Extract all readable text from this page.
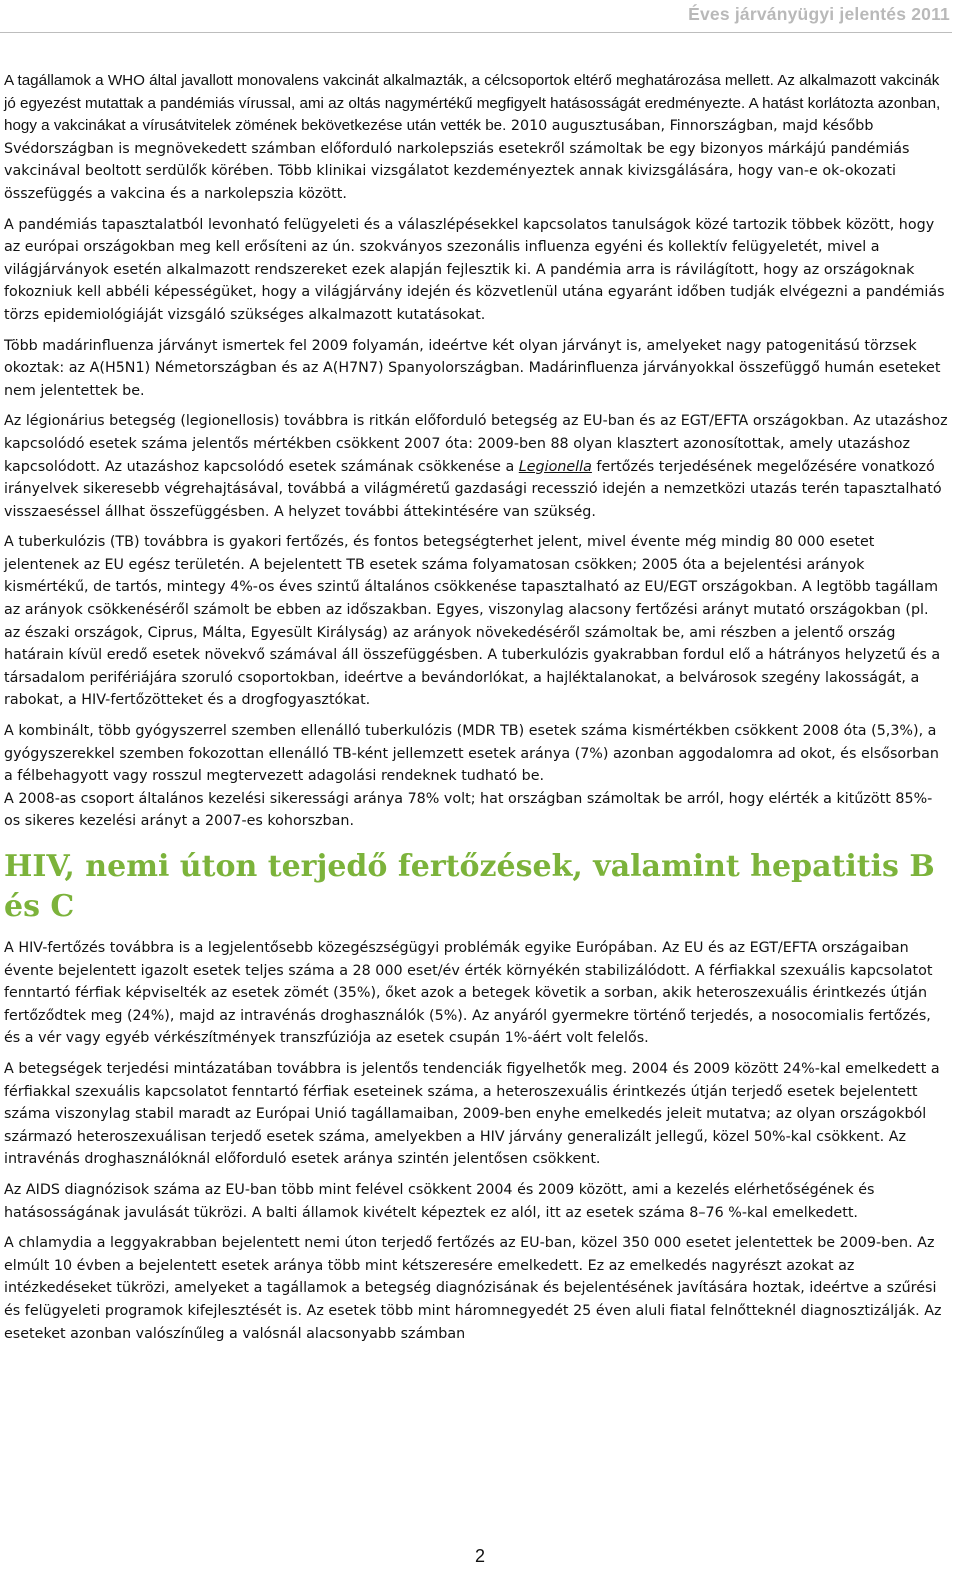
Éves járványügyi jelentés 2011

A tagállamok a WHO által javallott monovalens vakcinát alkalmazták, a célcsoportok eltérő meghatározása mellett. Az alkalmazott vakcinák jó egyezést mutattak a pandémiás vírussal, ami az oltás nagymértékű megfigyelt hatásosságát eredményezte. A hatást korlátozta azonban, hogy a vakcinákat a vírusátvitelek zömének bekövetkezése után vették be. 2010 augusztusában, Finnországban, majd később Svédországban is megnövekedett számban előforduló narkolepsziás esetekről számoltak be egy bizonyos márkájú pandémiás vakcinával beoltott serdülők körében. Több klinikai vizsgálatot kezdeményeztek annak kivizsgálására, hogy van-e ok-okozati összefüggés a vakcina és a narkolepszia között.

A pandémiás tapasztalatból levonható felügyeleti és a válaszlépésekkel kapcsolatos tanulságok közé tartozik többek között, hogy az európai országokban meg kell erősíteni az ún. szokványos szezonális influenza egyéni és kollektív felügyeletét, mivel a világjárványok esetén alkalmazott rendszereket ezek alapján fejlesztik ki. A pandémia arra is rávilágított, hogy az országoknak fokozniuk kell abbéli képességüket, hogy a világjárvány idején és közvetlenül utána egyaránt időben tudják elvégezni a pandémiás törzs epidemiológiáját vizsgáló szükséges alkalmazott kutatásokat.

Több madárinfluenza járványt ismertek fel 2009 folyamán, ideértve két olyan járványt is, amelyeket nagy patogenitású törzsek okoztak: az A(H5N1) Németországban és az A(H7N7) Spanyolországban. Madárinfluenza járványokkal összefüggő humán eseteket nem jelentettek be.

Az légionárius betegség (legionellosis) továbbra is ritkán előforduló betegség az EU-ban és az EGT/EFTA országokban. Az utazáshoz kapcsolódó esetek száma jelentős mértékben csökkent 2007 óta: 2009-ben 88 olyan klasztert azonosítottak, amely utazáshoz kapcsolódott. Az utazáshoz kapcsolódó esetek számának csökkenése a Legionella fertőzés terjedésének megelőzésére vonatkozó irányelvek sikeresebb végrehajtásával, továbbá a világméretű gazdasági recesszió idején a nemzetközi utazás terén tapasztalható visszaeséssel állhat összefüggésben. A helyzet további áttekintésére van szükség.

A tuberkulózis (TB) továbbra is gyakori fertőzés, és fontos betegségterhet jelent, mivel évente még mindig 80 000 esetet jelentenek az EU egész területén. A bejelentett TB esetek száma folyamatosan csökken; 2005 óta a bejelentési arányok kismértékű, de tartós, mintegy 4%-os éves szintű általános csökkenése tapasztalható az EU/EGT országokban. A legtöbb tagállam az arányok csökkenéséről számolt be ebben az időszakban. Egyes, viszonylag alacsony fertőzési arányt mutató országokban (pl. az északi országok, Ciprus, Málta, Egyesült Királyság) az arányok növekedéséről számoltak be, ami részben a jelentő ország határain kívül eredő esetek növekvő számával áll összefüggésben. A tuberkulózis gyakrabban fordul elő a hátrányos helyzetű és a társadalom perifériájára szoruló csoportokban, ideértve a bevándorlókat, a hajléktalanokat, a belvárosok szegény lakosságát, a rabokat, a HIV-fertőzötteket és a drogfogyasztókat.

A kombinált, több gyógyszerrel szemben ellenálló tuberkulózis (MDR TB) esetek száma kismértékben csökkent 2008 óta (5,3%), a gyógyszerekkel szemben fokozottan ellenálló TB-ként jellemzett esetek aránya (7%) azonban aggodalomra ad okot, és elsősorban a félbehagyott vagy rosszul megtervezett adagolási rendeknek tudható be.

A 2008-as csoport általános kezelési sikeressági aránya 78% volt; hat országban számoltak be arról, hogy elérték a kitűzött 85%-os sikeres kezelési arányt a 2007-es kohorszban.

HIV, nemi úton terjedő fertőzések, valamint hepatitis B és C

A HIV-fertőzés továbbra is a legjelentősebb közegészségügyi problémák egyike Európában. Az EU és az EGT/EFTA országaiban évente bejelentett igazolt esetek teljes száma a 28 000 eset/év érték környékén stabilizálódott. A férfiakkal szexuális kapcsolatot fenntartó férfiak képviselték az esetek zömét (35%), őket azok a betegek követik a sorban, akik heteroszexuális érintkezés útján fertőződtek meg (24%), majd az intravénás droghasználók (5%). Az anyáról gyermekre történő terjedés, a nosocomialis fertőzés, és a vér vagy egyéb vérkészítmények transzfúziója az esetek csupán 1%-áért volt felelős.

A betegségek terjedési mintázatában továbbra is jelentős tendenciák figyelhetők meg. 2004 és 2009 között 24%-kal emelkedett a férfiakkal szexuális kapcsolatot fenntartó férfiak eseteinek száma, a heteroszexuális érintkezés útján terjedő esetek bejelentett száma viszonylag stabil maradt az Európai Unió tagállamaiban, 2009-ben enyhe emelkedés jeleit mutatva; az olyan országokból származó heteroszexuálisan terjedő esetek száma, amelyekben a HIV járvány generalizált jellegű, közel 50%-kal csökkent. Az intravénás droghasználóknál előforduló esetek aránya szintén jelentősen csökkent.

Az AIDS diagnózisok száma az EU-ban több mint felével csökkent 2004 és 2009 között, ami a kezelés elérhetőségének és hatásosságának javulását tükrözi. A balti államok kivételt képeztek ez alól, itt az esetek száma 8–76 %-kal emelkedett.

A chlamydia a leggyakrabban bejelentett nemi úton terjedő fertőzés az EU-ban, közel 350 000 esetet jelentettek be 2009-ben. Az elmúlt 10 évben a bejelentett esetek aránya több mint kétszeresére emelkedett. Ez az emelkedés nagyrészt azokat az intézkedéseket tükrözi, amelyeket a tagállamok a betegség diagnózisának és bejelentésének javítására hoztak, ideértve a szűrési és felügyeleti programok kifejlesztését is. Az esetek több mint háromnegyedét 25 éven aluli fiatal felnőtteknél diagnosztizálják. Az eseteket azonban valószínűleg a valósnál alacsonyabb számban

2
